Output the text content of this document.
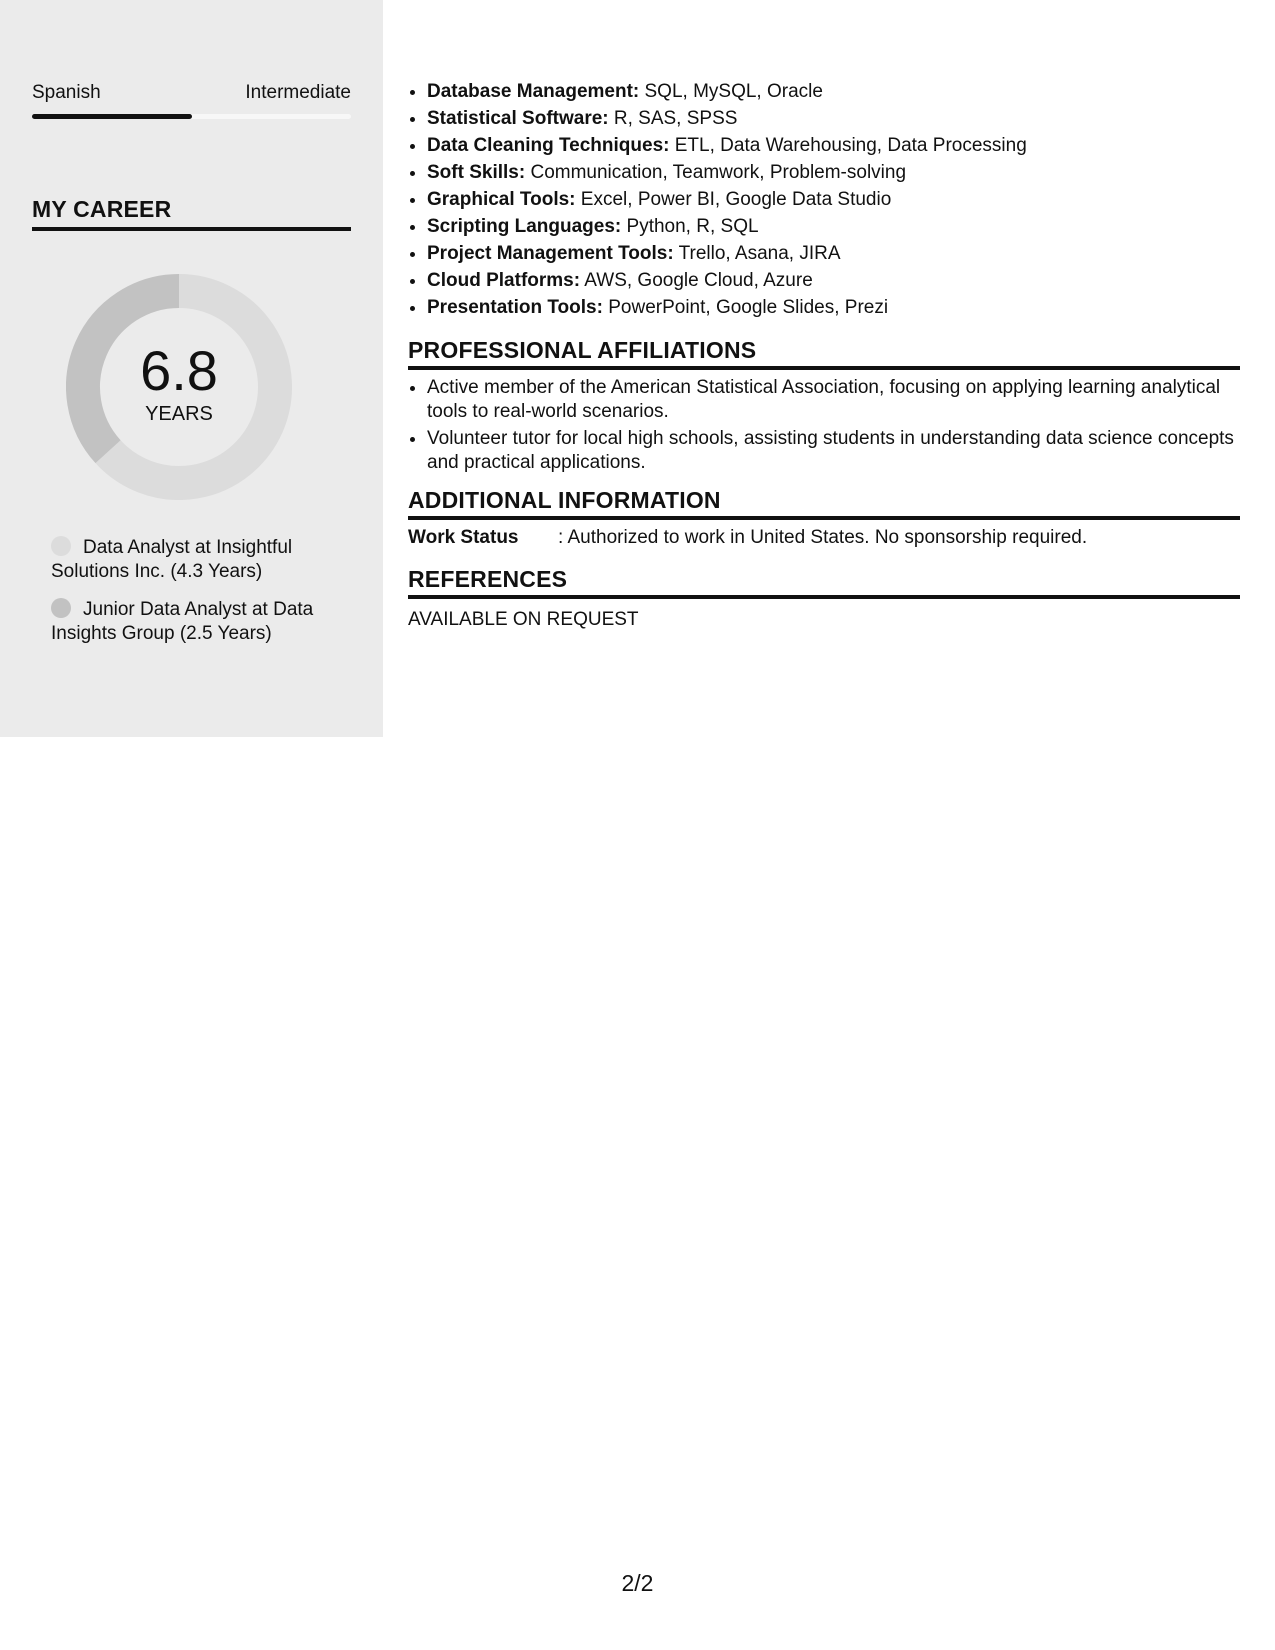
Spanish	Intermediate
MY CAREER
6.8
YEARS
Data Analyst at Insightful Solutions Inc. (4.3 Years)
Junior Data Analyst at Data Insights Group (2.5 Years)
• Database Management: SQL, MySQL, Oracle
• Statistical Software: R, SAS, SPSS
• Data Cleaning Techniques: ETL, Data Warehousing, Data Processing
• Soft Skills: Communication, Teamwork, Problem-solving
• Graphical Tools: Excel, Power BI, Google Data Studio
• Scripting Languages: Python, R, SQL
• Project Management Tools: Trello, Asana, JIRA
• Cloud Platforms: AWS, Google Cloud, Azure
• Presentation Tools: PowerPoint, Google Slides, Prezi
PROFESSIONAL AFFILIATIONS
• Active member of the American Statistical Association, focusing on applying learning analytical tools to real-world scenarios.
• Volunteer tutor for local high schools, assisting students in understanding data science concepts and practical applications.
ADDITIONAL INFORMATION
Work Status	: Authorized to work in United States. No sponsorship required.
REFERENCES
AVAILABLE ON REQUEST
2/2
